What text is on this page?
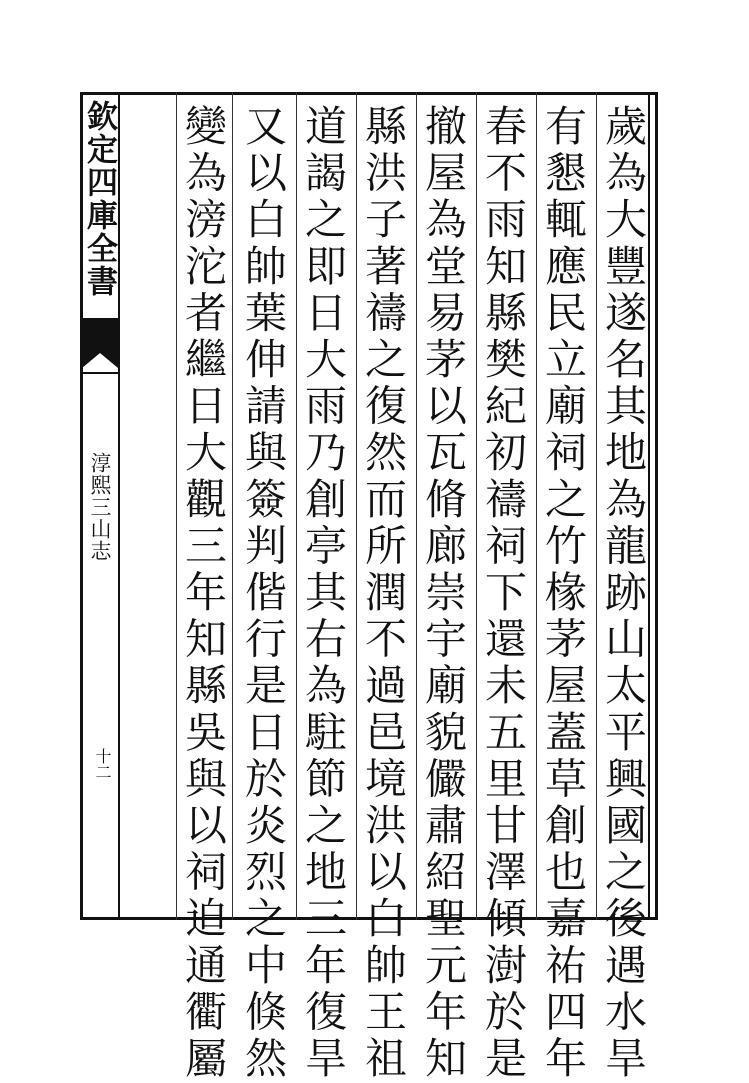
欽定四庫全書
淳熙三山志
十二	歲為大豐遂名其地為龍跡山太平興國之後遇水旱
有懇輒應民立廟祠之竹椽茅屋蓋草創也嘉祐四年
春不雨知縣樊紀初禱祠下還未五里甘澤傾澍於是
撤屋為堂易茅以瓦脩廊崇宇廟貌儼肅紹聖元年知
縣洪子著禱之復然而所潤不過邑境洪以白帥王祖
道謁之即日大雨乃創亭其右為駐節之地三年復旱
又以白帥葉伸請與簽判偕行是日於炎烈之中倏然
變為滂沱者繼日大觀三年知縣吳與以祠迫通衢屬
